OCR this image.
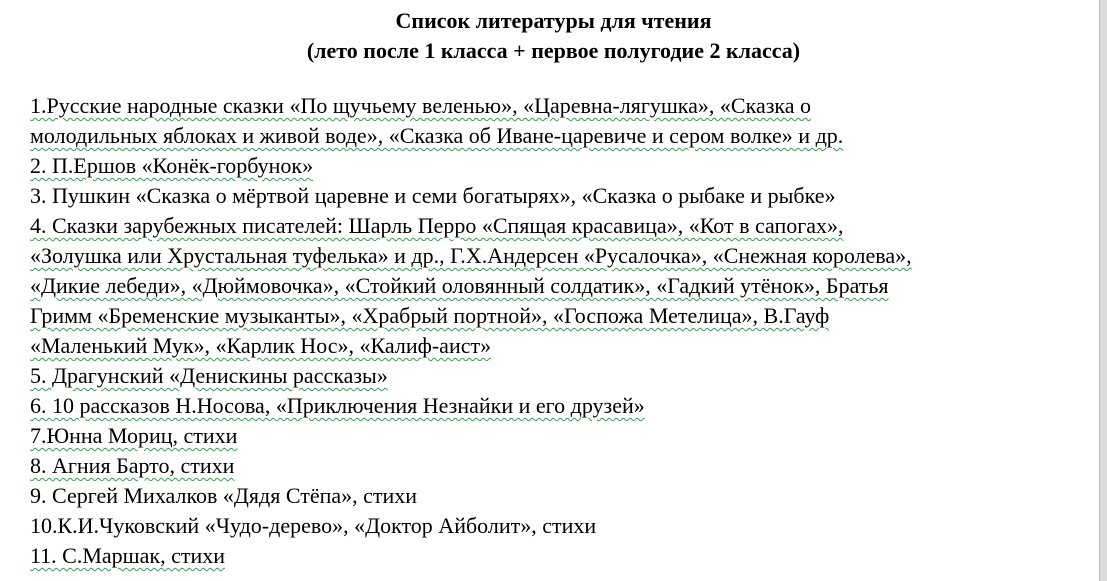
Список литературы для чтения
(лето после 1 класса + первое полугодие 2 класса)
1.Русские народные сказки «По щучьему веленью», «Царевна-лягушка», «Сказка о
молодильных яблоках и живой воде», «Сказка об Иване-царевиче и сером волке» и др.
2. П.Ершов «Конёк-горбунок»
3. Пушкин «Сказка о мёртвой царевне и семи богатырях», «Сказка о рыбаке и рыбке»
4. Сказки зарубежных писателей: Шарль Перро «Спящая красавица», «Кот в сапогах»,
«Золушка или Хрустальная туфелька» и др., Г.Х.Андерсен «Русалочка», «Снежная королева»,
«Дикие лебеди», «Дюймовочка», «Стойкий оловянный солдатик», «Гадкий утёнок», Братья
Гримм «Бременские музыканты», «Храбрый портной», «Госпожа Метелица», В.Гауф
«Маленький Мук», «Карлик Нос», «Калиф-аист»
5. Драгунский «Денискины рассказы»
6. 10 рассказов Н.Носова, «Приключения Незнайки и его друзей»
7.Юнна Мориц, стихи
8. Агния Барто, стихи
9. Сергей Михалков «Дядя Стёпа», стихи
10.К.И.Чуковский «Чудо-дерево», «Доктор Айболит», стихи
11. С.Маршак, стихи
